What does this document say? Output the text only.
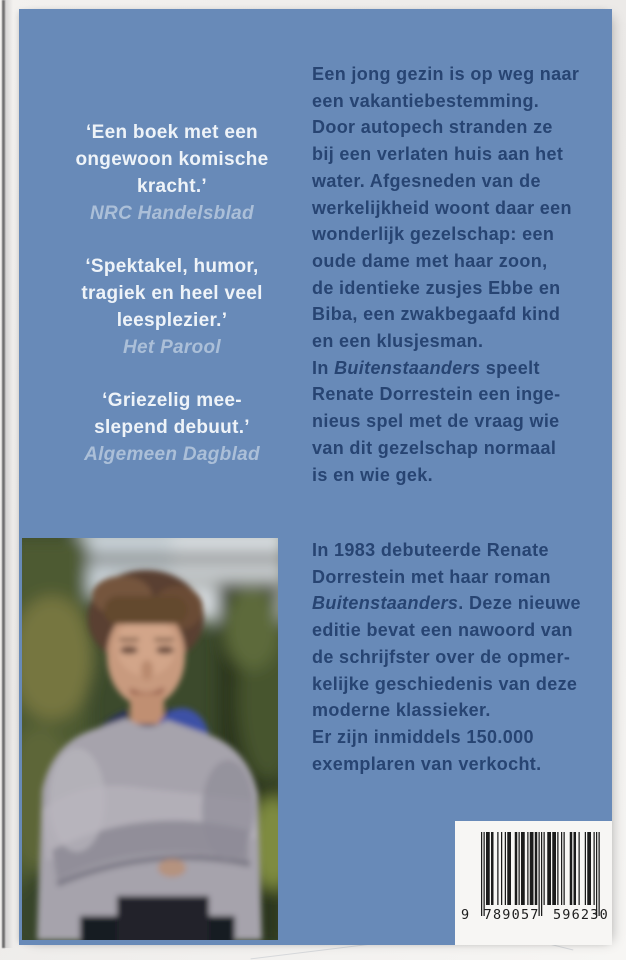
‘Een boek met een
ongewoon komische
kracht.’
NRC Handelsblad
‘Spektakel, humor,
tragiek en heel veel
leesplezier.’
Het Parool
‘Griezelig mee-
slepend debuut.’
Algemeen Dagblad
Een jong gezin is op weg naar
een vakantiebestemming.
Door autopech stranden ze
bij een verlaten huis aan het
water. Afgesneden van de
werkelijkheid woont daar een
wonderlijk gezelschap: een
oude dame met haar zoon,
de identieke zusjes Ebbe en
Biba, een zwakbegaafd kind
en een klusjesman.
In Buitenstaanders speelt
Renate Dorrestein een inge-
nieus spel met de vraag wie
van dit gezelschap normaal
is en wie gek.
In 1983 debuteerde Renate
Dorrestein met haar roman
Buitenstaanders. Deze nieuwe
editie bevat een nawoord van
de schrijfster over de opmer-
kelijke geschiedenis van deze
moderne klassieker.
Er zijn inmiddels 150.000
exemplaren van verkocht.
9 789057 596230
